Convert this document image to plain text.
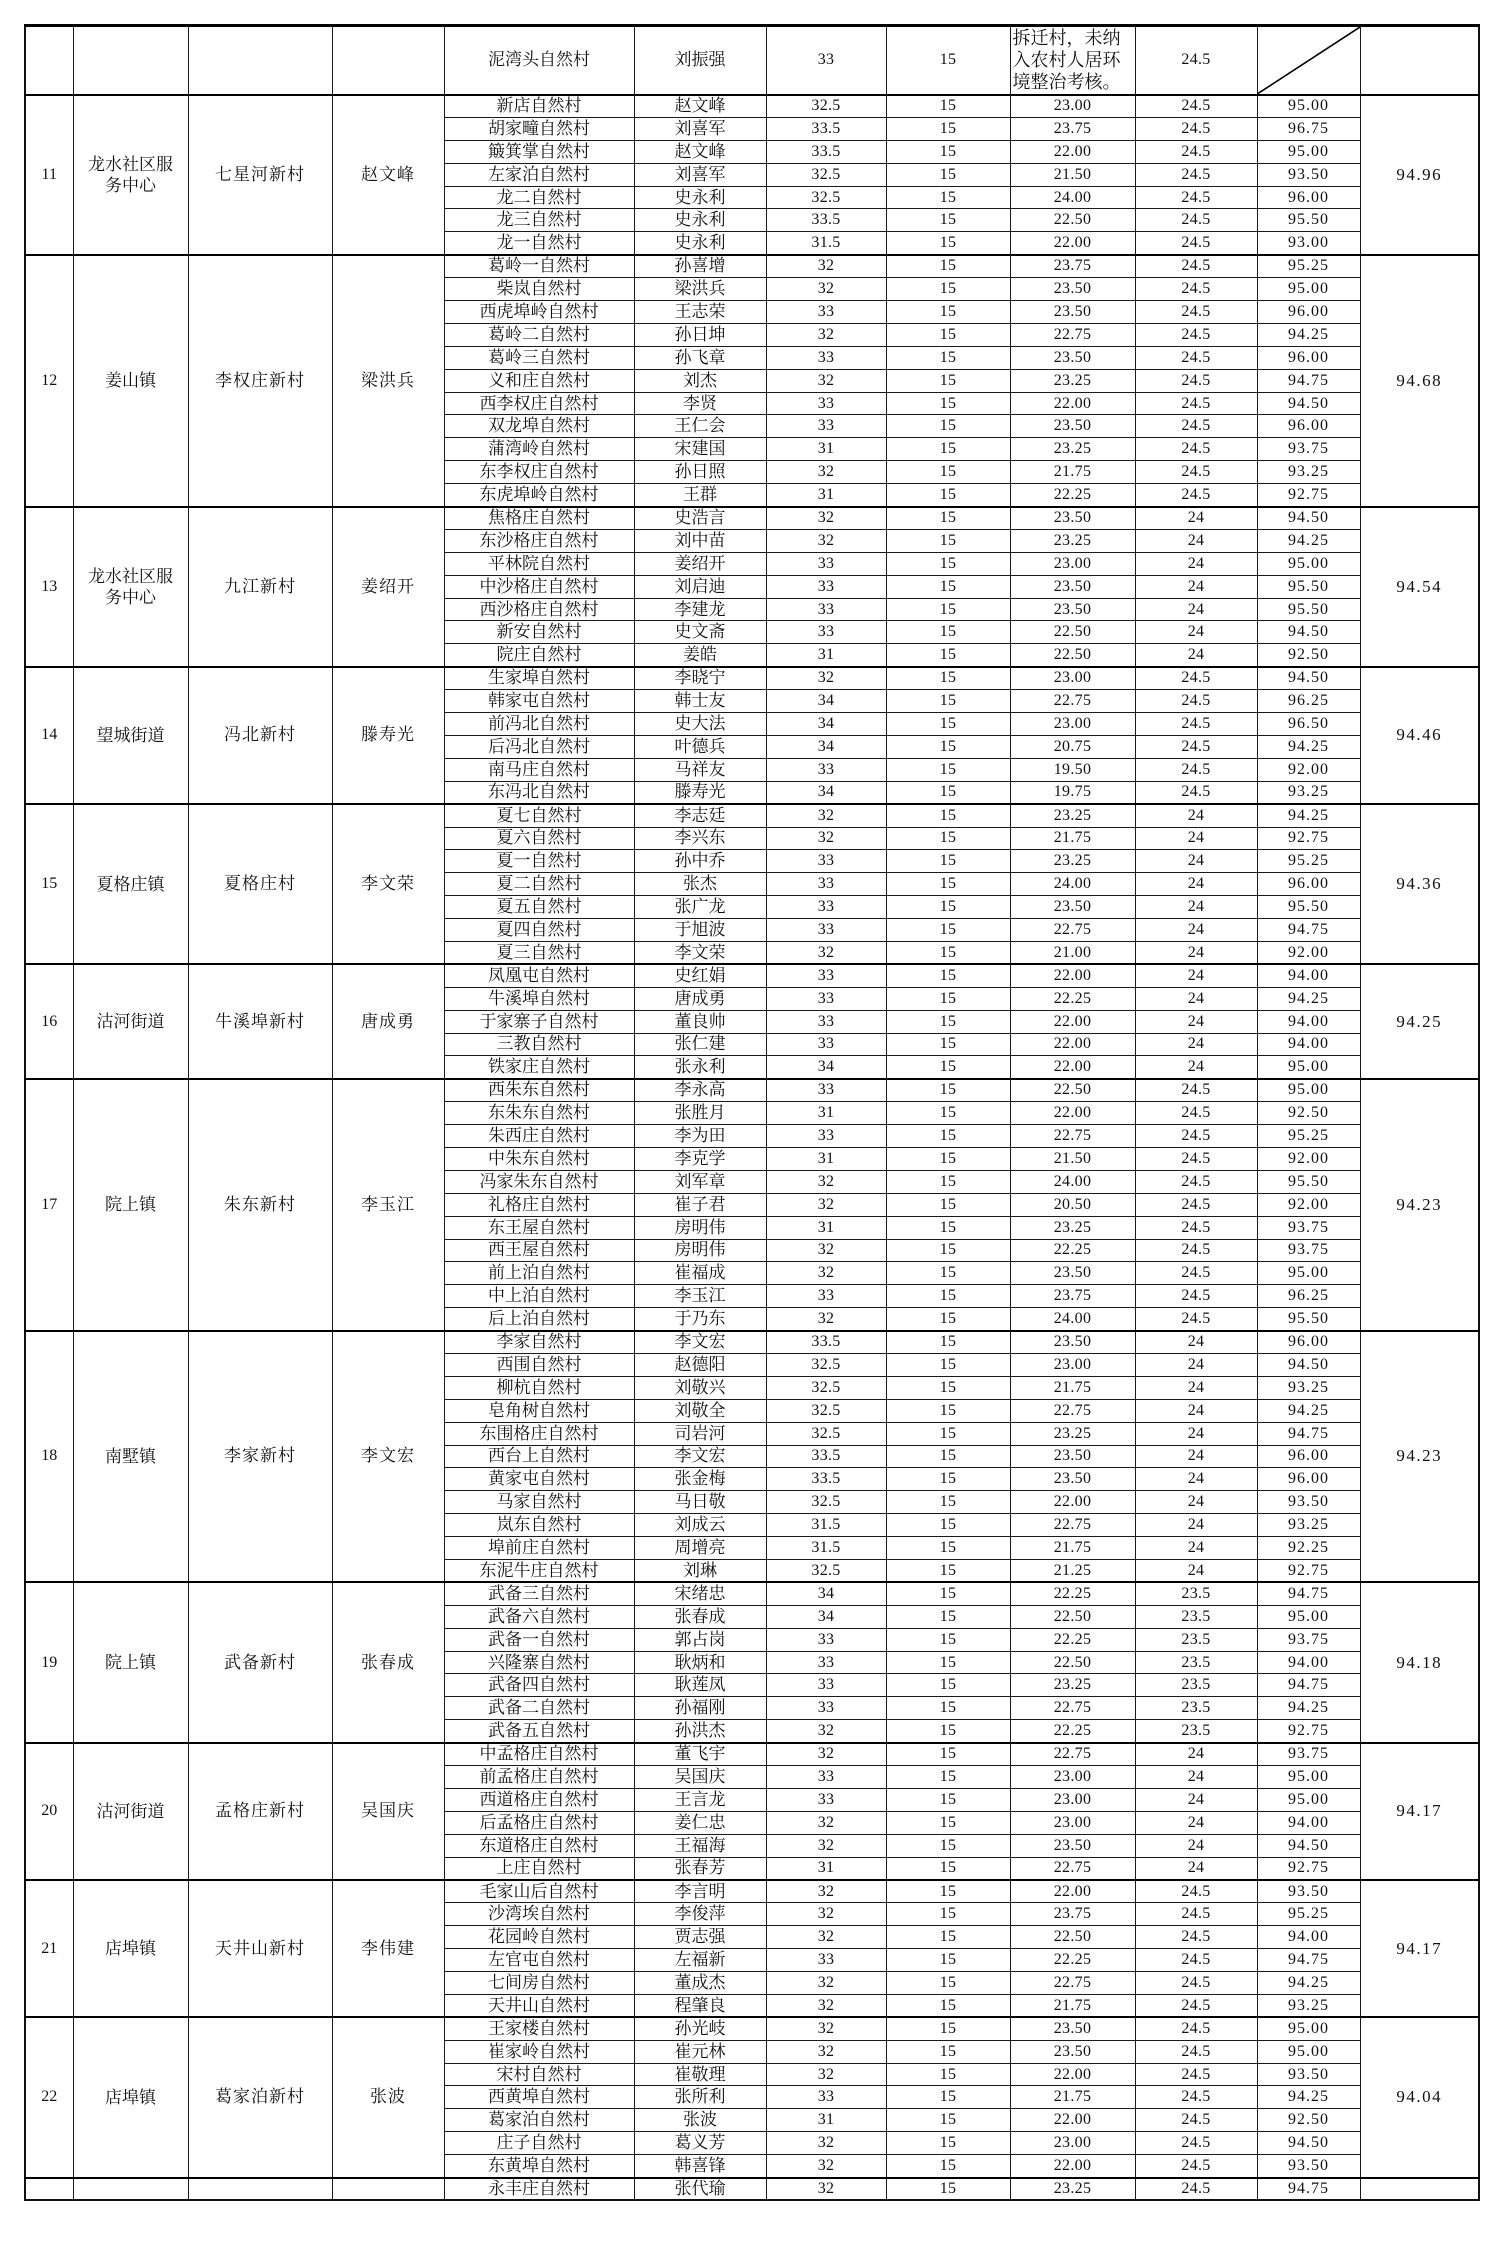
				泥湾头自然村	刘振强	33	15	拆迁村，未纳入农村人居环境整治考核。	24.5	

11	龙水社区服务中心	七星河新村	赵文峰	新店自然村	赵文峰	32.5	15	23.00	24.5	95.00	94.96
				胡家疃自然村	刘喜军	33.5	15	23.75	24.5	96.75	
				簸箕掌自然村	赵文峰	33.5	15	22.00	24.5	95.00	
				左家泊自然村	刘喜军	32.5	15	21.50	24.5	93.50	
				龙二自然村	史永利	32.5	15	24.00	24.5	96.00	
				龙三自然村	史永利	33.5	15	22.50	24.5	95.50	
				龙一自然村	史永利	31.5	15	22.00	24.5	93.00	
12	姜山镇	李权庄新村	梁洪兵	葛岭一自然村	孙喜增	32	15	23.75	24.5	95.25	94.68
				柴岚自然村	梁洪兵	32	15	23.50	24.5	95.00	
				西虎埠岭自然村	王志荣	33	15	23.50	24.5	96.00	
				葛岭二自然村	孙日坤	32	15	22.75	24.5	94.25	
				葛岭三自然村	孙飞章	33	15	23.50	24.5	96.00	
				义和庄自然村	刘杰	32	15	23.25	24.5	94.75	
				西李权庄自然村	李贤	33	15	22.00	24.5	94.50	
				双龙埠自然村	王仁会	33	15	23.50	24.5	96.00	
				蒲湾岭自然村	宋建国	31	15	23.25	24.5	93.75	
				东李权庄自然村	孙日照	32	15	21.75	24.5	93.25	
				东虎埠岭自然村	王群	31	15	22.25	24.5	92.75	
13	龙水社区服务中心	九江新村	姜绍开	焦格庄自然村	史浩言	32	15	23.50	24	94.50	94.54
				东沙格庄自然村	刘中苗	32	15	23.25	24	94.25	
				平林院自然村	姜绍开	33	15	23.00	24	95.00	
				中沙格庄自然村	刘启迪	33	15	23.50	24	95.50	
				西沙格庄自然村	李建龙	33	15	23.50	24	95.50	
				新安自然村	史文斋	33	15	22.50	24	94.50	
				院庄自然村	姜皓	31	15	22.50	24	92.50	
14	望城街道	冯北新村	滕寿光	生家埠自然村	李晓宁	32	15	23.00	24.5	94.50	94.46
				韩家屯自然村	韩士友	34	15	22.75	24.5	96.25	
				前冯北自然村	史大法	34	15	23.00	24.5	96.50	
				后冯北自然村	叶德兵	34	15	20.75	24.5	94.25	
				南马庄自然村	马祥友	33	15	19.50	24.5	92.00	
				东冯北自然村	滕寿光	34	15	19.75	24.5	93.25	
15	夏格庄镇	夏格庄村	李文荣	夏七自然村	李志廷	32	15	23.25	24	94.25	94.36
				夏六自然村	李兴东	32	15	21.75	24	92.75	
				夏一自然村	孙中乔	33	15	23.25	24	95.25	
				夏二自然村	张杰	33	15	24.00	24	96.00	
				夏五自然村	张广龙	33	15	23.50	24	95.50	
				夏四自然村	于旭波	33	15	22.75	24	94.75	
				夏三自然村	李文荣	32	15	21.00	24	92.00	
16	沽河街道	牛溪埠新村	唐成勇	凤凰屯自然村	史红娟	33	15	22.00	24	94.00	94.25
				牛溪埠自然村	唐成勇	33	15	22.25	24	94.25	
				于家寨子自然村	董良帅	33	15	22.00	24	94.00	
				三教自然村	张仁建	33	15	22.00	24	94.00	
				铁家庄自然村	张永利	34	15	22.00	24	95.00	
17	院上镇	朱东新村	李玉江	西朱东自然村	李永高	33	15	22.50	24.5	95.00	94.23
				东朱东自然村	张胜月	31	15	22.00	24.5	92.50	
				朱西庄自然村	李为田	33	15	22.75	24.5	95.25	
				中朱东自然村	李克学	31	15	21.50	24.5	92.00	
				冯家朱东自然村	刘军章	32	15	24.00	24.5	95.50	
				礼格庄自然村	崔子君	32	15	20.50	24.5	92.00	
				东王屋自然村	房明伟	31	15	23.25	24.5	93.75	
				西王屋自然村	房明伟	32	15	22.25	24.5	93.75	
				前上泊自然村	崔福成	32	15	23.50	24.5	95.00	
				中上泊自然村	李玉江	33	15	23.75	24.5	96.25	
				后上泊自然村	于乃东	32	15	24.00	24.5	95.50	
18	南墅镇	李家新村	李文宏	李家自然村	李文宏	33.5	15	23.50	24	96.00	94.23
				西围自然村	赵德阳	32.5	15	23.00	24	94.50	
				柳杭自然村	刘敬兴	32.5	15	21.75	24	93.25	
				皂角树自然村	刘敬全	32.5	15	22.75	24	94.25	
				东围格庄自然村	司岩河	32.5	15	23.25	24	94.75	
				西台上自然村	李文宏	33.5	15	23.50	24	96.00	
				黄家屯自然村	张金梅	33.5	15	23.50	24	96.00	
				马家自然村	马日敬	32.5	15	22.00	24	93.50	
				岚东自然村	刘成云	31.5	15	22.75	24	93.25	
				埠前庄自然村	周增亮	31.5	15	21.75	24	92.25	
				东泥牛庄自然村	刘琳	32.5	15	21.25	24	92.75	
19	院上镇	武备新村	张春成	武备三自然村	宋绪忠	34	15	22.25	23.5	94.75	94.18
				武备六自然村	张春成	34	15	22.50	23.5	95.00	
				武备一自然村	郭占岗	33	15	22.25	23.5	93.75	
				兴隆寨自然村	耿炳和	33	15	22.50	23.5	94.00	
				武备四自然村	耿莲凤	33	15	23.25	23.5	94.75	
				武备二自然村	孙福刚	33	15	22.75	23.5	94.25	
				武备五自然村	孙洪杰	32	15	22.25	23.5	92.75	
20	沽河街道	孟格庄新村	吴国庆	中孟格庄自然村	董飞宇	32	15	22.75	24	93.75	94.17
				前孟格庄自然村	吴国庆	33	15	23.00	24	95.00	
				西道格庄自然村	王言龙	33	15	23.00	24	95.00	
				后孟格庄自然村	姜仁忠	32	15	23.00	24	94.00	
				东道格庄自然村	王福海	32	15	23.50	24	94.50	
				上庄自然村	张春芳	31	15	22.75	24	92.75	
21	店埠镇	天井山新村	李伟建	毛家山后自然村	李言明	32	15	22.00	24.5	93.50	94.17
				沙湾埃自然村	李俊萍	32	15	23.75	24.5	95.25	
				花园岭自然村	贾志强	32	15	22.50	24.5	94.00	
				左官屯自然村	左福新	33	15	22.25	24.5	94.75	
				七间房自然村	董成杰	32	15	22.75	24.5	94.25	
				天井山自然村	程肇良	32	15	21.75	24.5	93.25	
22	店埠镇	葛家泊新村	张波	王家楼自然村	孙光岐	32	15	23.50	24.5	95.00	94.04
				崔家岭自然村	崔元林	32	15	23.50	24.5	95.00	
				宋村自然村	崔敬理	32	15	22.00	24.5	93.50	
				西黄埠自然村	张所利	33	15	21.75	24.5	94.25	
				葛家泊自然村	张波	31	15	22.00	24.5	92.50	
				庄子自然村	葛义芳	32	15	23.00	24.5	94.50	
				东黄埠自然村	韩喜锋	32	15	22.00	24.5	93.50	
				永丰庄自然村	张代瑜	32	15	23.25	24.5	94.75	
